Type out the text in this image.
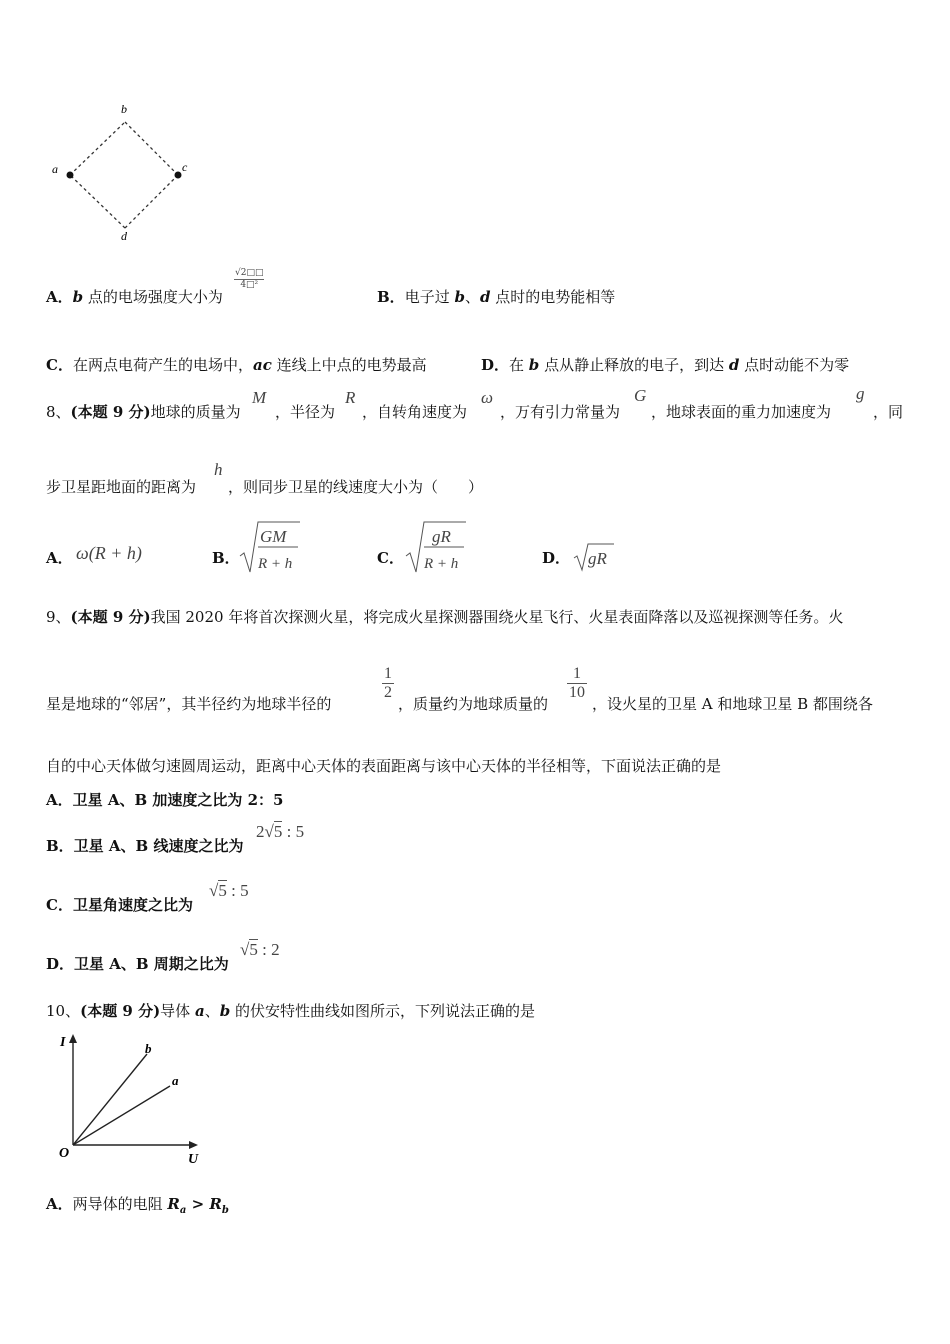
a
b
c
d
A．b 点的电场强度大小为
√2□□
4□²
B．电子过 b、d 点时的电势能相等
C．在两点电荷产生的电场中，ac 连线上中点的电势最高	D．在 b 点从静止释放的电子，到达 d 点时动能不为零
8、(本题 9 分)地球的质量为
M
，半径为
R
，自转角速度为
ω
，万有引力常量为
G
，地球表面的重力加速度为
g
，同
步卫星距地面的距离为
h
，则同步卫星的线速度大小为（　　）
A． ω(R + h)	B．
GM
R + h	C．
gR
R + h	D． gR
9、(本题 9 分)我国 2020 年将首次探测火星，将完成火星探测器围绕火星飞行、火星表面降落以及巡视探测等任务。火
星是地球的“邻居”，其半径约为地球半径的
$\frac{1}{2}$
，质量约为地球质量的
$\frac{1}{10}$
，设火星的卫星 A 和地球卫星 B 都围绕各
自的中心天体做匀速圆周运动，距离中心天体的表面距离与该中心天体的半径相等，下面说法正确的是
A．卫星 A、B 加速度之比为 2：5
B．卫星 A、B 线速度之比为
2√5 : 5
C．卫星角速度之比为
√5 : 5
D．卫星 A、B 周期之比为
√5 : 2
10、(本题 9 分)导体 a、b 的伏安特性曲线如图所示，下列说法正确的是
I
U
O
b
a
A．两导体的电阻 $R_a > R_b$
